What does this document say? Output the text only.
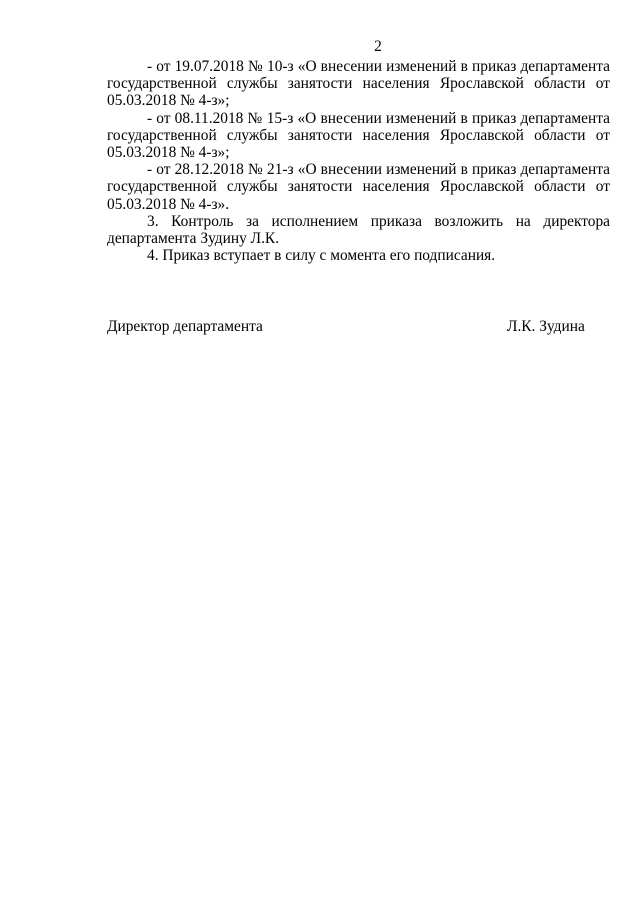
2

- от 19.07.2018 № 10-з «О внесении изменений в приказ департамента государственной службы занятости населения Ярославской области от 05.03.2018 № 4-з»;

- от 08.11.2018 № 15-з «О внесении изменений в приказ департамента государственной службы занятости населения Ярославской области от 05.03.2018 № 4-з»;

- от 28.12.2018 № 21-з «О внесении изменений в приказ департамента государственной службы занятости населения Ярославской области от 05.03.2018 № 4-з».

3. Контроль за исполнением приказа возложить на директора департамента Зудину Л.К.

4. Приказ вступает в силу с момента его подписания.

Директор департамента	Л.К. Зудина
